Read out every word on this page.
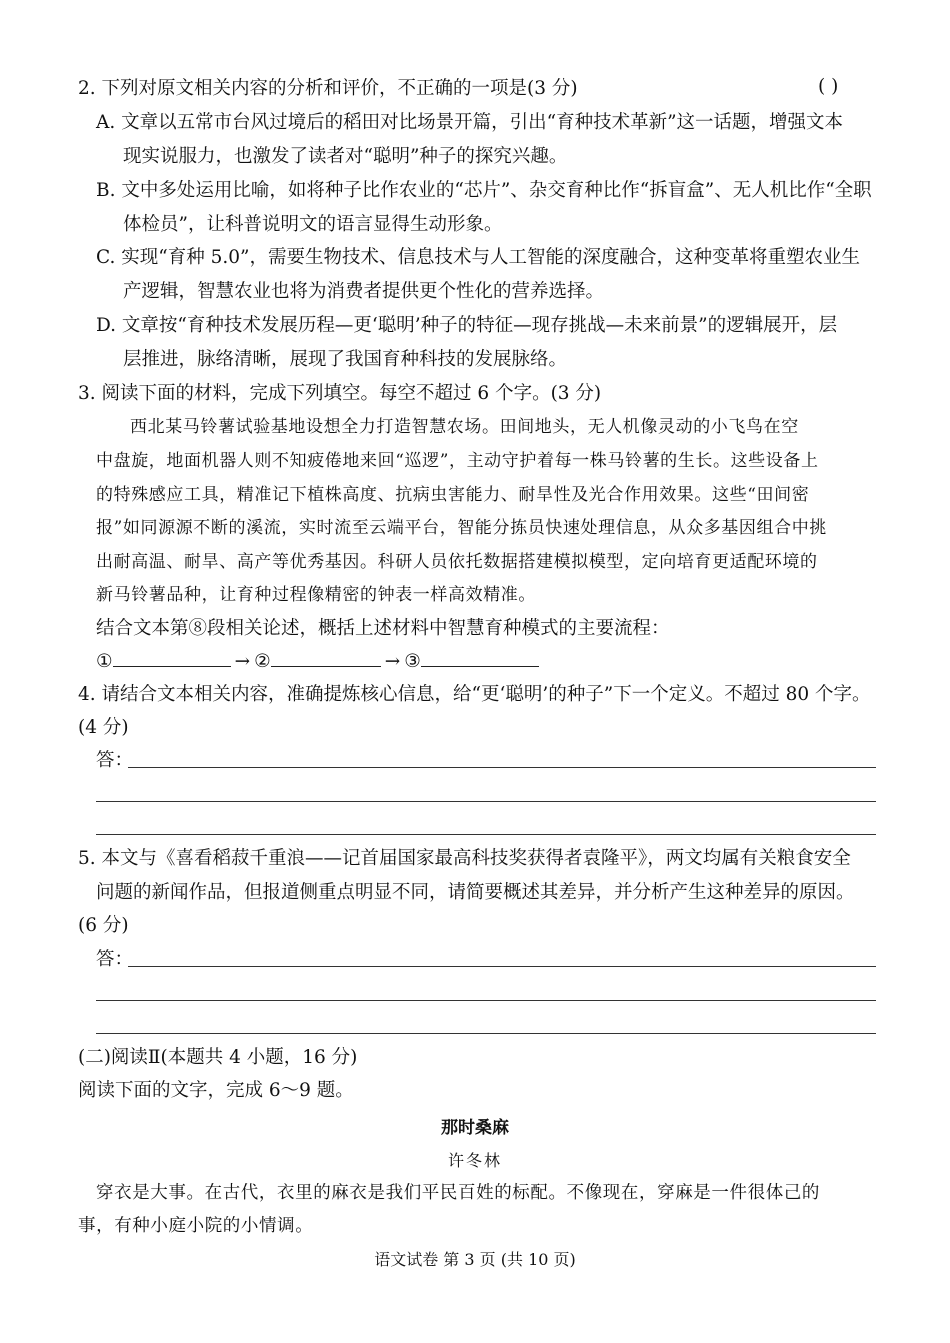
2. 下列对原文相关内容的分析和评价，不正确的一项是(3 分)	( )
A. 文章以五常市台风过境后的稻田对比场景开篇，引出“育种技术革新”这一话题，增强文本
现实说服力，也激发了读者对“聪明”种子的探究兴趣。
B. 文中多处运用比喻，如将种子比作农业的“芯片”、杂交育种比作“拆盲盒”、无人机比作“全职
体检员”，让科普说明文的语言显得生动形象。
C. 实现“育种 5.0”，需要生物技术、信息技术与人工智能的深度融合，这种变革将重塑农业生
产逻辑，智慧农业也将为消费者提供更个性化的营养选择。
D. 文章按“育种技术发展历程—更‘聪明’种子的特征—现存挑战—未来前景”的逻辑展开，层
层推进，脉络清晰，展现了我国育种科技的发展脉络。
3. 阅读下面的材料，完成下列填空。每空不超过 6 个字。(3 分)
西北某马铃薯试验基地设想全力打造智慧农场。田间地头，无人机像灵动的小飞鸟在空
中盘旋，地面机器人则不知疲倦地来回“巡逻”，主动守护着每一株马铃薯的生长。这些设备上
的特殊感应工具，精准记下植株高度、抗病虫害能力、耐旱性及光合作用效果。这些“田间密
报”如同源源不断的溪流，实时流至云端平台，智能分拣员快速处理信息，从众多基因组合中挑
出耐高温、耐旱、高产等优秀基因。科研人员依托数据搭建模拟模型，定向培育更适配环境的
新马铃薯品种，让育种过程像精密的钟表一样高效精准。
结合文本第⑧段相关论述，概括上述材料中智慧育种模式的主要流程：
①	→ ②	→ ③
4. 请结合文本相关内容，准确提炼核心信息，给“更‘聪明’的种子”下一个定义。不超过 80 个字。
(4 分)
答：
5. 本文与《喜看稻菽千重浪——记首届国家最高科技奖获得者袁隆平》，两文均属有关粮食安全
问题的新闻作品，但报道侧重点明显不同，请简要概述其差异，并分析产生这种差异的原因。
(6 分)
答：
(二)阅读Ⅱ(本题共 4 小题，16 分)
阅读下面的文字，完成 6～9 题。
那时桑麻
许冬林
穿衣是大事。在古代，衣里的麻衣是我们平民百姓的标配。不像现在，穿麻是一件很体己的
事，有种小庭小院的小情调。
语文试卷 第 3 页 (共 10 页)
